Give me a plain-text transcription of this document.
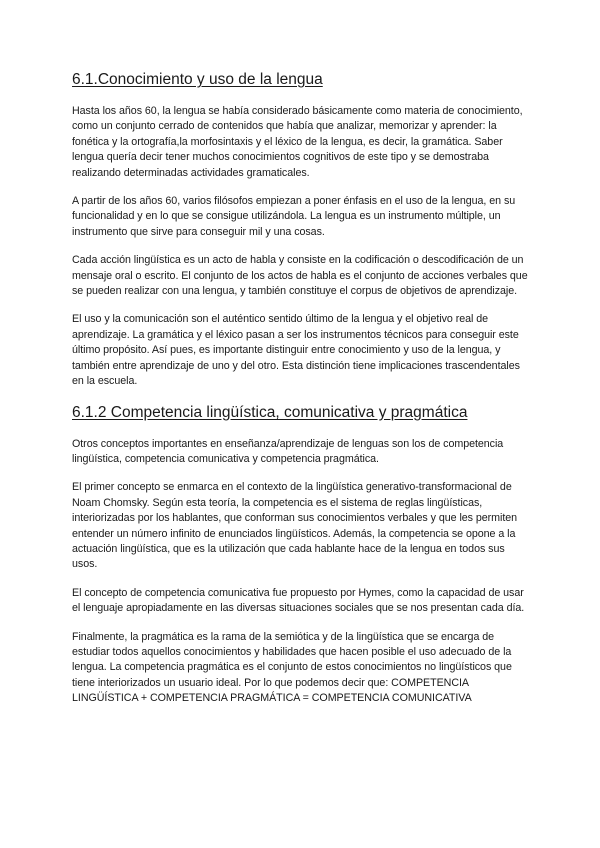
6.1.Conocimiento y uso de la lengua

Hasta los años 60, la lengua se había considerado básicamente como materia de conocimiento, como un conjunto cerrado de contenidos que había que analizar, memorizar y aprender: la fonética y la ortografía,la morfosintaxis y el léxico de la lengua, es decir, la gramática. Saber lengua quería decir tener muchos conocimientos cognitivos de este tipo y se demostraba realizando determinadas actividades gramaticales.

A partir de los años 60, varios filósofos empiezan a poner énfasis en el uso de la lengua, en su funcionalidad y en lo que se consigue utilizándola. La lengua es un instrumento múltiple, un instrumento que sirve para conseguir mil y una cosas.

Cada acción lingüística es un acto de habla y consiste en la codificación o descodificación de un mensaje oral o escrito. El conjunto de los actos de habla es el conjunto de acciones verbales que se pueden realizar con una lengua, y también constituye el corpus de objetivos de aprendizaje.

El uso y la comunicación son el auténtico sentido último de la lengua y el objetivo real de aprendizaje. La gramática y el léxico pasan a ser los instrumentos técnicos para conseguir este último propósito. Así pues, es importante distinguir entre conocimiento y uso de la lengua, y también entre aprendizaje de uno y del otro. Esta distinción tiene implicaciones trascendentales en la escuela.

6.1.2 Competencia lingüística, comunicativa y pragmática

Otros conceptos importantes en enseñanza/aprendizaje de lenguas son los de competencia lingüística, competencia comunicativa y competencia pragmática.

El primer concepto se enmarca en el contexto de la lingüística generativo-transformacional de Noam Chomsky. Según esta teoría, la competencia es el sistema de reglas lingüísticas, interiorizadas por los hablantes, que conforman sus conocimientos verbales y que les permiten entender un número infinito de enunciados lingüísticos. Además, la competencia se opone a la actuación lingüística, que es la utilización que cada hablante hace de la lengua en todos sus usos.

El concepto de competencia comunicativa fue propuesto por Hymes, como la capacidad de usar el lenguaje apropiadamente en las diversas situaciones sociales que se nos presentan cada día.

Finalmente, la pragmática es la rama de la semiótica y de la lingüística que se encarga de estudiar todos aquellos conocimientos y habilidades que hacen posible el uso adecuado de la lengua. La competencia pragmática es el conjunto de estos conocimientos no lingüísticos que tiene interiorizados un usuario ideal. Por lo que podemos decir que: COMPETENCIA LINGÜÍSTICA + COMPETENCIA PRAGMÁTICA = COMPETENCIA COMUNICATIVA
